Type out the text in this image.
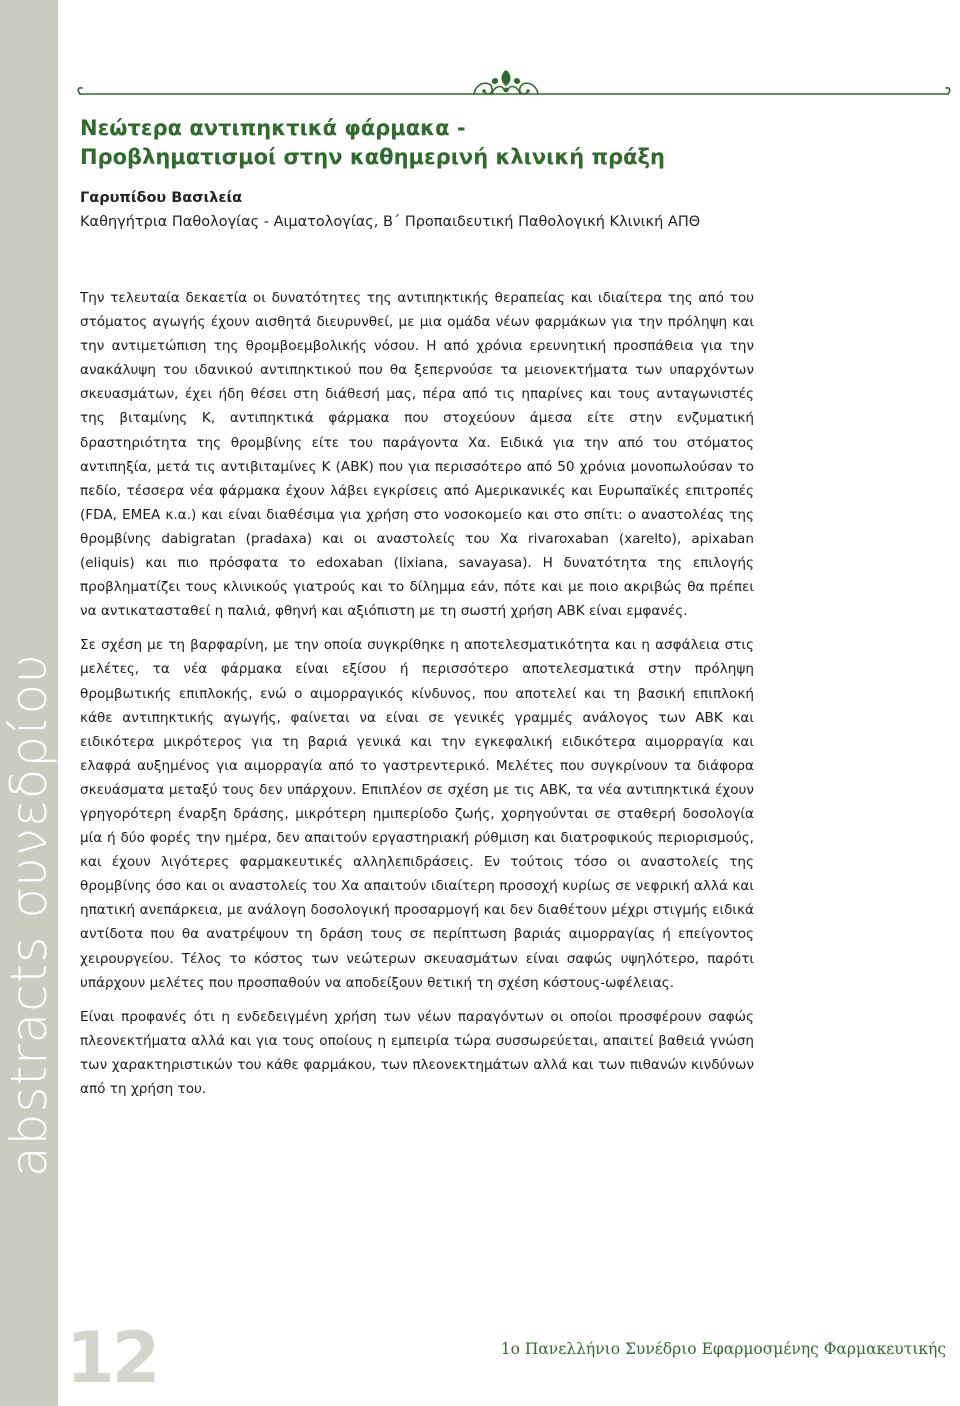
abstracts συνεδρίου
Νεώτερα αντιπηκτικά φάρμακα -
Προβληματισμοί στην καθημερινή κλινική πράξη
Γαρυπίδου Βασιλεία
Καθηγήτρια Παθολογίας - Αιματολογίας, Β΄ Προπαιδευτική Παθολογική Κλινική ΑΠΘ

Την τελευταία δεκαετία οι δυνατότητες της αντιπηκτικής θεραπείας και ιδιαίτερα της από του στόματος αγωγής έχουν αισθητά διευρυνθεί, με μια ομάδα νέων φαρμάκων για την πρόληψη και την αντιμετώπιση της θρομβοεμβολικής νόσου. Η από χρόνια ερευνητική προσπάθεια για την ανακάλυψη του ιδανικού αντιπηκτικού που θα ξεπερνούσε τα μειονεκτήματα των υπαρχόντων σκευασμάτων, έχει ήδη θέσει στη διάθεσή μας, πέρα από τις ηπαρίνες και τους ανταγωνιστές της βιταμίνης Κ, αντιπηκτικά φάρμακα που στοχεύουν άμεσα είτε στην ενζυματική δραστηριότητα της θρομβίνης είτε του παράγοντα Χα. Ειδικά για την από του στόματος αντιπηξία, μετά τις αντιβιταμίνες Κ (ΑΒΚ) που για περισσότερο από 50 χρόνια μονοπωλούσαν το πεδίο, τέσσερα νέα φάρμακα έχουν λάβει εγκρίσεις από Αμερικανικές και Ευρωπαϊκές επιτροπές (FDA, EMEA κ.α.) και είναι διαθέσιμα για χρήση στο νοσοκομείο και στο σπίτι: ο αναστολέας της θρομβίνης dabigratan (pradaxa) και οι αναστολείς του Χα rivaroxaban (xarelto), apixaban (eliquis) και πιο πρόσφατα το edoxaban (lixiana, savayasa). Η δυνατότητα της επιλογής προβληματίζει τους κλινικούς γιατρούς και το δίλημμα εάν, πότε και με ποιο ακριβώς θα πρέπει να αντικατασταθεί η παλιά, φθηνή και αξιόπιστη με τη σωστή χρήση ΑΒΚ είναι εμφανές.

Σε σχέση με τη βαρφαρίνη, με την οποία συγκρίθηκε η αποτελεσματικότητα και η ασφάλεια στις μελέτες, τα νέα φάρμακα είναι εξίσου ή περισσότερο αποτελεσματικά στην πρόληψη θρομβωτικής επιπλοκής, ενώ ο αιμορραγικός κίνδυνος, που αποτελεί και τη βασική επιπλοκή κάθε αντιπηκτικής αγωγής, φαίνεται να είναι σε γενικές γραμμές ανάλογος των ΑΒΚ και ειδικότερα μικρότερος για τη βαριά γενικά και την εγκεφαλική ειδικότερα αιμορραγία και ελαφρά αυξημένος για αιμορραγία από το γαστρεντερικό. Μελέτες που συγκρίνουν τα διάφορα σκευάσματα μεταξύ τους δεν υπάρχουν. Επιπλέον σε σχέση με τις ΑΒΚ, τα νέα αντιπηκτικά έχουν γρηγορότερη έναρξη δράσης, μικρότερη ημιπερίοδο ζωής, χορηγούνται σε σταθερή δοσολογία μία ή δύο φορές την ημέρα, δεν απαιτούν εργαστηριακή ρύθμιση και διατροφικούς περιορισμούς, και έχουν λιγότερες φαρμακευτικές αλληλεπιδράσεις. Εν τούτοις τόσο οι αναστολείς της θρομβίνης όσο και οι αναστολείς του Χα απαιτούν ιδιαίτερη προσοχή κυρίως σε νεφρική αλλά και ηπατική ανεπάρκεια, με ανάλογη δοσολογική προσαρμογή και δεν διαθέτουν μέχρι στιγμής ειδικά αντίδοτα που θα ανατρέψουν τη δράση τους σε περίπτωση βαριάς αιμορραγίας ή επείγοντος χειρουργείου. Τέλος το κόστος των νεώτερων σκευασμάτων είναι σαφώς υψηλότερο, παρότι υπάρχουν μελέτες που προσπαθούν να αποδείξουν θετική τη σχέση κόστους-ωφέλειας.

Είναι προφανές ότι η ενδεδειγμένη χρήση των νέων παραγόντων οι οποίοι προσφέρουν σαφώς πλεονεκτήματα αλλά και για τους οποίους η εμπειρία τώρα συσσωρεύεται, απαιτεί βαθειά γνώση των χαρακτηριστικών του κάθε φαρμάκου, των πλεονεκτημάτων αλλά και των πιθανών κινδύνων από τη χρήση του.

12	1ο Πανελλήνιο Συνέδριο Εφαρμοσμένης Φαρμακευτικής
